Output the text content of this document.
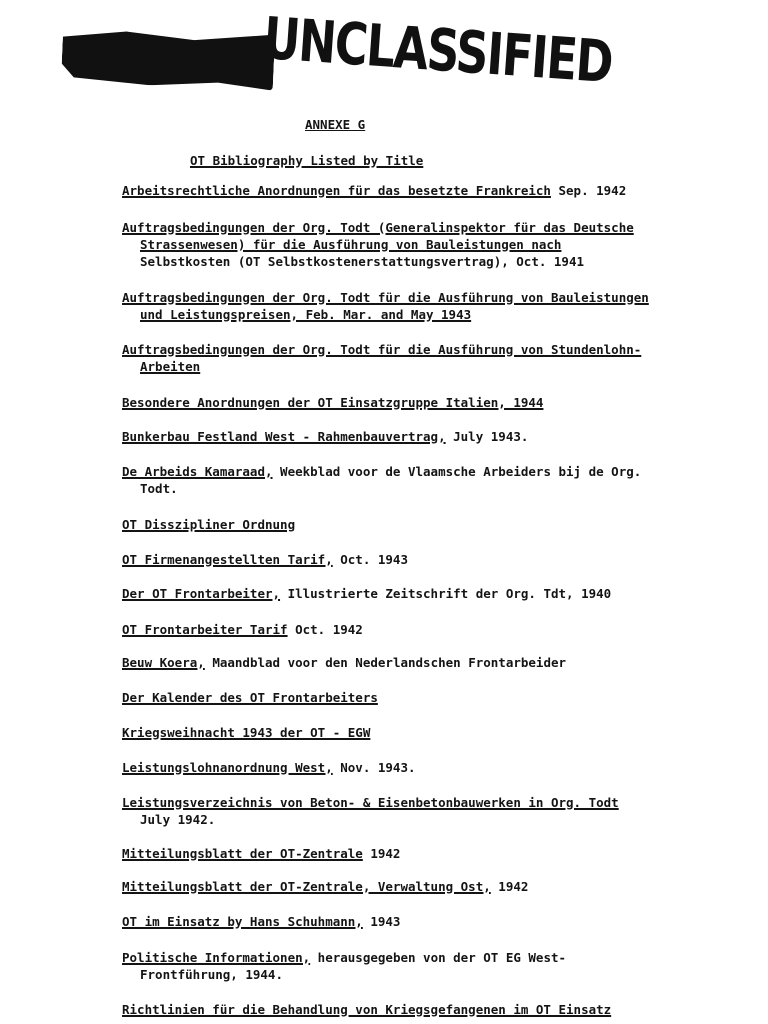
UNCLASSIFIED
ANNEXE G
OT Bibliography Listed by Title
Arbeitsrechtliche Anordnungen für das besetzte Frankreich Sep. 1942
Auftragsbedingungen der Org. Todt (Generalinspektor für das Deutsche
Strassenwesen) für die Ausführung von Bauleistungen nach
Selbstkosten (OT Selbstkostenerstattungsvertrag), Oct. 1941
Auftragsbedingungen der Org. Todt für die Ausführung von Bauleistungen
und Leistungspreisen, Feb. Mar. and May 1943
Auftragsbedingungen der Org. Todt für die Ausführung von Stundenlohn-
Arbeiten
Besondere Anordnungen der OT Einsatzgruppe Italien, 1944
Bunkerbau Festland West - Rahmenbauvertrag, July 1943.
De Arbeids Kamaraad, Weekblad voor de Vlaamsche Arbeiders bij de Org.
Todt.
OT Disszipliner Ordnung
OT Firmenangestellten Tarif, Oct. 1943
Der OT Frontarbeiter, Illustrierte Zeitschrift der Org. Tdt, 1940
OT Frontarbeiter Tarif Oct. 1942
Beuw Koera, Maandblad voor den Nederlandschen Frontarbeider
Der Kalender des OT Frontarbeiters
Kriegsweihnacht 1943 der OT - EGW
Leistungslohnanordnung West, Nov. 1943.
Leistungsverzeichnis von Beton- & Eisenbetonbauwerken in Org. Todt
July 1942.
Mitteilungsblatt der OT-Zentrale 1942
Mitteilungsblatt der OT-Zentrale, Verwaltung Ost, 1942
OT im Einsatz by Hans Schuhmann, 1943
Politische Informationen, herausgegeben von der OT EG West-
Frontführung, 1944.
Richtlinien für die Behandlung von Kriegsgefangenen im OT Einsatz
